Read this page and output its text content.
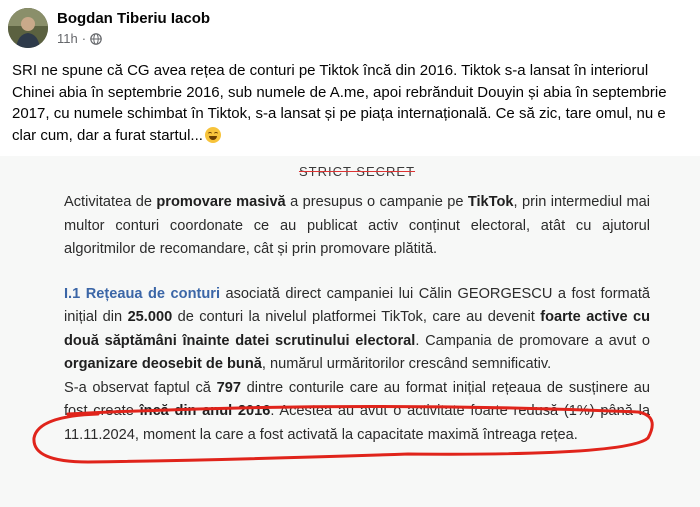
Bogdan Tiberiu Iacob
11h ·
SRI ne spune că CG avea rețea de conturi pe Tiktok încă din 2016. Tiktok s-a lansat în interiorul Chinei abia în septembrie 2016, sub numele de A.me, apoi rebrănduit Douyin și abia în septembrie 2017, cu numele schimbat în Tiktok, s-a lansat și pe piața internațională. Ce să zic, tare omul, nu e clar cum, dar a furat startul...
STRICT SECRET

Activitatea de promovare masivă a presupus o campanie pe TikTok, prin intermediul mai multor conturi coordonate ce au publicat activ conținut electoral, atât cu ajutorul algoritmilor de recomandare, cât și prin promovare plătită.

I.1 Rețeaua de conturi asociată direct campaniei lui Călin GEORGESCU a fost formată inițial din 25.000 de conturi la nivelul platformei TikTok, care au devenit foarte active cu două săptămâni înainte datei scrutinului electoral. Campania de promovare a avut o organizare deosebit de bună, numărul urmăritorilor crescând semnificativ.

S-a observat faptul că 797 dintre conturile care au format inițial rețeaua de susținere au fost create încă din anul 2016. Acestea au avut o activitate foarte redusă (1%) până la 11.11.2024, moment la care a fost activată la capacitate maximă întreaga rețea.
